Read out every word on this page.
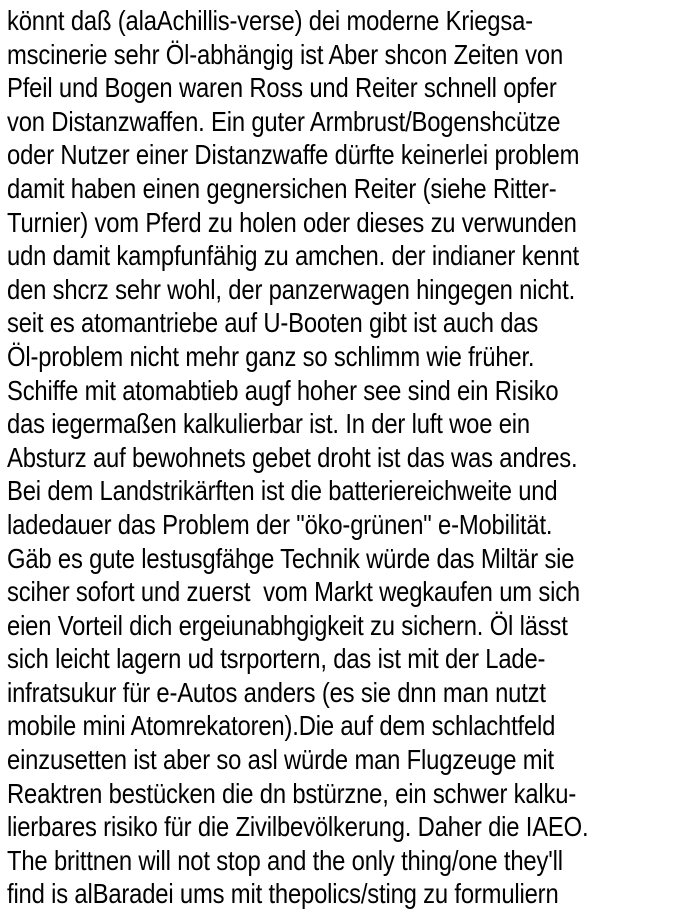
könnt daß (alaAchillis-verse) dei moderne Kriegsa-
mscinerie sehr Öl-abhängig ist Aber shcon Zeiten von
Pfeil und Bogen waren Ross und Reiter schnell opfer
von Distanzwaffen. Ein guter Armbrust/Bogenshcütze
oder Nutzer einer Distanzwaffe dürfte keinerlei problem
damit haben einen gegnersichen Reiter (siehe Ritter-
Turnier) vom Pferd zu holen oder dieses zu verwunden
udn damit kampfunfähig zu amchen. der indianer kennt
den shcrz sehr wohl, der panzerwagen hingegen nicht.
seit es atomantriebe auf U-Booten gibt ist auch das
Öl-problem nicht mehr ganz so schlimm wie früher.
Schiffe mit atomabtieb augf hoher see sind ein Risiko
das iegermaßen kalkulierbar ist. In der luft woe ein
Absturz auf bewohnets gebet droht ist das was andres.
Bei dem Landstrikärften ist die batteriereichweite und
ladedauer das Problem der "öko-grünen" e-Mobilität.
Gäb es gute lestusgfähge Technik würde das Miltär sie
sciher sofort und zuerst  vom Markt wegkaufen um sich
eien Vorteil dich ergeiunabhgigkeit zu sichern. Öl lässt
sich leicht lagern ud tsrportern, das ist mit der Lade-
infratsukur für e-Autos anders (es sie dnn man nutzt
mobile mini Atomrekatoren).Die auf dem schlachtfeld
einzusetten ist aber so asl würde man Flugzeuge mit
Reaktren bestücken die dn bstürzne, ein schwer kalku-
lierbares risiko für die Zivilbevölkerung. Daher die IAEO.
The brittnen will not stop and the only thing/one they'll
find is alBaradei ums mit thepolics/sting zu formuliern
